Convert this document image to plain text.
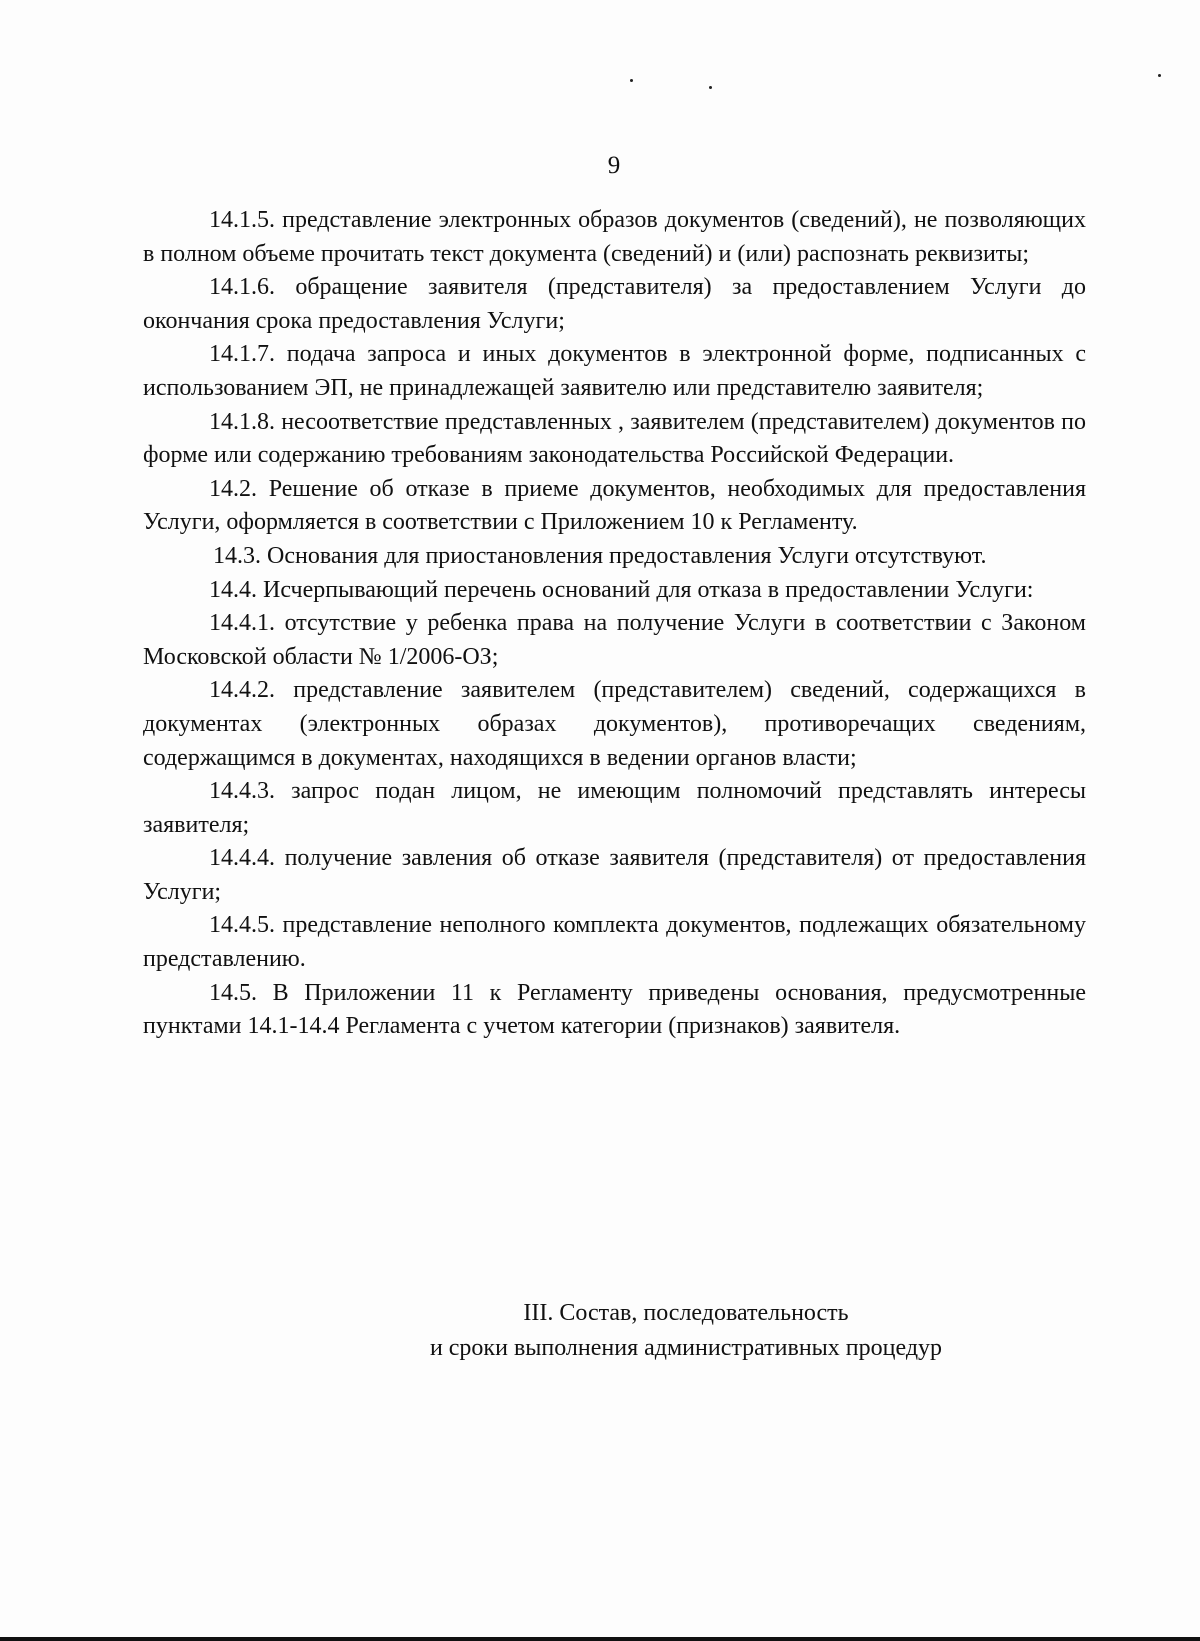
9

14.1.5. представление электронных образов документов (сведений), не позволяющих в полном объеме прочитать текст документа (сведений) и (или) распознать реквизиты;

14.1.6. обращение заявителя (представителя) за предоставлением Услуги до окончания срока предоставления Услуги;

14.1.7. подача запроса и иных документов в электронной форме, подписанных с использованием ЭП, не принадлежащей заявителю или представителю заявителя;

14.1.8. несоответствие представленных , заявителем (представителем) документов по форме или содержанию требованиям законодательства Российской Федерации.

14.2. Решение об отказе в приеме документов, необходимых для предоставления Услуги, оформляется в соответствии с Приложением 10 к Регламенту.

14.3. Основания для приостановления предоставления Услуги отсутствуют.

14.4. Исчерпывающий перечень оснований для отказа в предоставлении Услуги:

14.4.1. отсутствие у ребенка права на получение Услуги в соответствии с Законом Московской области № 1/2006-ОЗ;

14.4.2. представление заявителем (представителем) сведений, содержащихся в документах (электронных образах документов), противоречащих сведениям, содержащимся в документах, находящихся в ведении органов власти;

14.4.3. запрос подан лицом, не имеющим полномочий представлять интересы заявителя;

14.4.4. получение завления об отказе заявителя (представителя) от предоставления Услуги;

14.4.5. представление неполного комплекта документов, подлежащих обязательному представлению.

14.5. В Приложении 11 к Регламенту приведены основания, предусмотренные пунктами 14.1-14.4 Регламента с учетом категории (признаков) заявителя.

III. Состав, последовательность
и сроки выполнения административных процедур
